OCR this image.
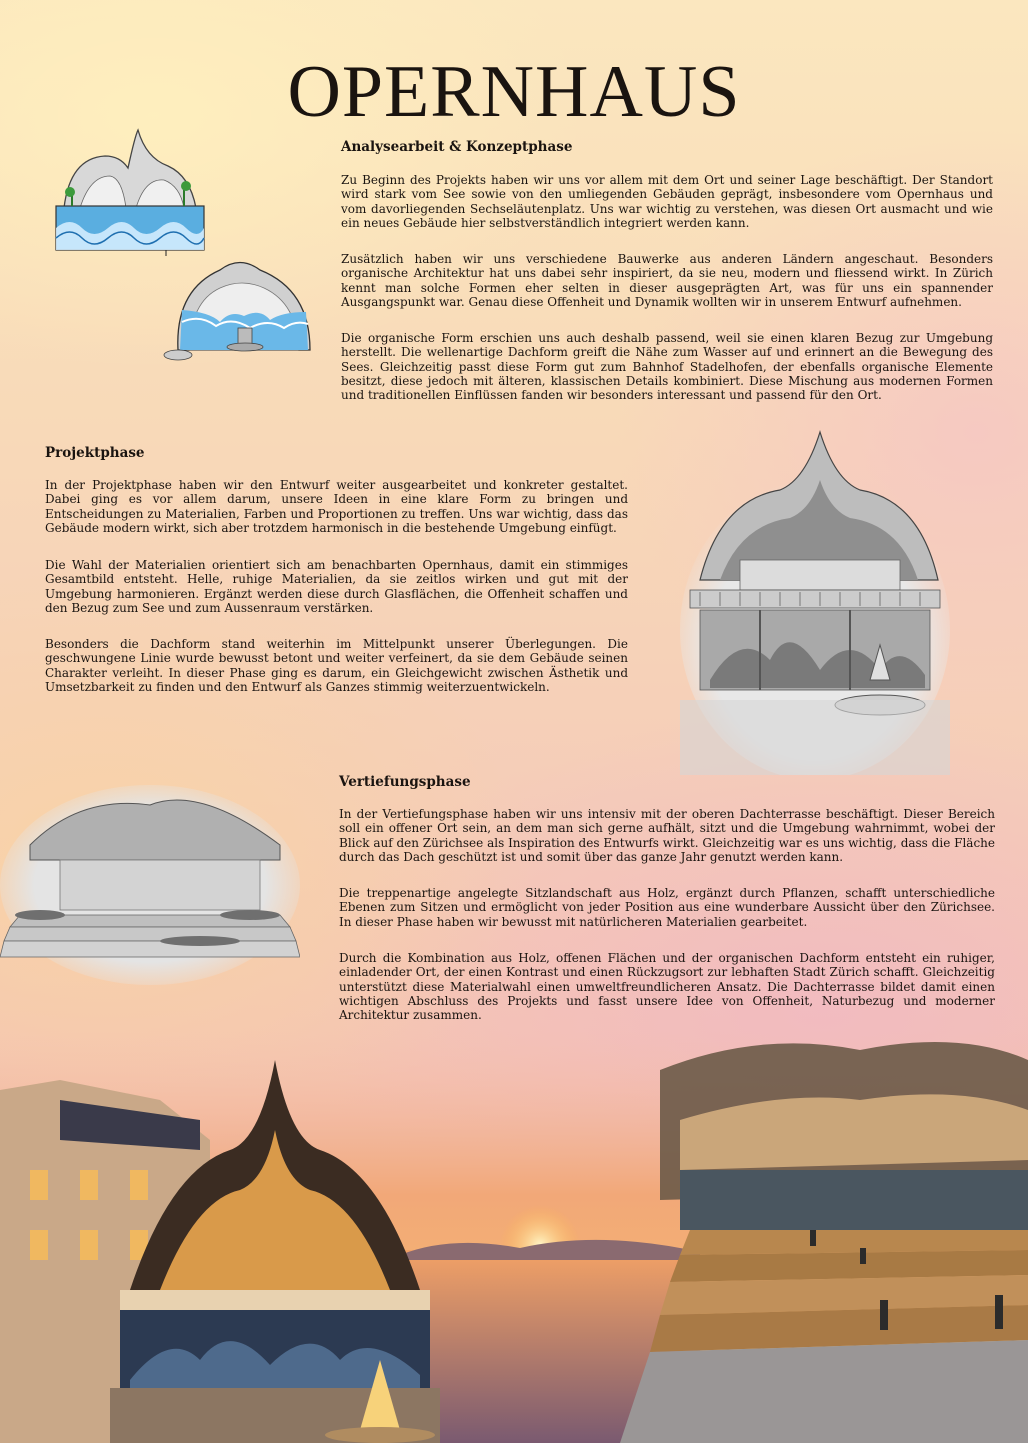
OPERNHAUS
Analysearbeit & Konzeptphase

Zu Beginn des Projekts haben wir uns vor allem mit dem Ort und seiner Lage beschäftigt. Der Standort wird stark vom See sowie von den umliegenden Gebäuden geprägt, insbesondere vom Opernhaus und vom davorliegenden Sechseläutenplatz. Uns war wichtig zu verstehen, was diesen Ort ausmacht und wie ein neues Gebäude hier selbstverständlich integriert werden kann.

Zusätzlich haben wir uns verschiedene Bauwerke aus anderen Ländern angeschaut. Besonders organische Architektur hat uns dabei sehr inspiriert, da sie neu, modern und fliessend wirkt. In Zürich kennt man solche Formen eher selten in dieser ausgeprägten Art, was für uns ein spannender Ausgangspunkt war. Genau diese Offenheit und Dynamik wollten wir in unserem Entwurf aufnehmen.

Die organische Form erschien uns auch deshalb passend, weil sie einen klaren Bezug zur Umgebung herstellt. Die wellenartige Dachform greift die Nähe zum Wasser auf und erinnert an die Bewegung des Sees. Gleichzeitig passt diese Form gut zum Bahnhof Stadelhofen, der ebenfalls organische Elemente besitzt, diese jedoch mit älteren, klassischen Details kombiniert. Diese Mischung aus modernen Formen und traditionellen Einflüssen fanden wir besonders interessant und passend für den Ort.

Projektphase

In der Projektphase haben wir den Entwurf weiter ausgearbeitet und konkreter gestaltet. Dabei ging es vor allem darum, unsere Ideen in eine klare Form zu bringen und Entscheidungen zu Materialien, Farben und Proportionen zu treffen. Uns war wichtig, dass das Gebäude modern wirkt, sich aber trotzdem harmonisch in die bestehende Umgebung einfügt.

Die Wahl der Materialien orientiert sich am benachbarten Opernhaus, damit ein stimmiges Gesamtbild entsteht. Helle, ruhige Materialien, da sie zeitlos wirken und gut mit der Umgebung harmonieren. Ergänzt werden diese durch Glasflächen, die Offenheit schaffen und den Bezug zum See und zum Aussenraum verstärken.

Besonders die Dachform stand weiterhin im Mittelpunkt unserer Überlegungen. Die geschwungene Linie wurde bewusst betont und weiter verfeinert, da sie dem Gebäude seinen Charakter verleiht. In dieser Phase ging es darum, ein Gleichgewicht zwischen Ästhetik und Umsetzbarkeit zu finden und den Entwurf als Ganzes stimmig weiterzuentwickeln.

Vertiefungsphase

In der Vertiefungsphase haben wir uns intensiv mit der oberen Dachterrasse beschäftigt. Dieser Bereich soll ein offener Ort sein, an dem man sich gerne aufhält, sitzt und die Umgebung wahrnimmt, wobei der Blick auf den Zürichsee als Inspiration des Entwurfs wirkt. Gleichzeitig war es uns wichtig, dass die Fläche durch das Dach geschützt ist und somit über das ganze Jahr genutzt werden kann.

Die treppenartige angelegte Sitzlandschaft aus Holz, ergänzt durch Pflanzen, schafft unterschiedliche Ebenen zum Sitzen und ermöglicht von jeder Position aus eine wunderbare Aussicht über den Zürichsee. In dieser Phase haben wir bewusst mit natürlicheren Materialien gearbeitet.

Durch die Kombination aus Holz, offenen Flächen und der organischen Dachform entsteht ein ruhiger, einladender Ort, der einen Kontrast und einen Rückzugsort zur lebhaften Stadt Zürich schafft. Gleichzeitig unterstützt diese Materialwahl einen umweltfreundlicheren Ansatz. Die Dachterrasse bildet damit einen wichtigen Abschluss des Projekts und fasst unsere Idee von Offenheit, Naturbezug und moderner Architektur zusammen.
